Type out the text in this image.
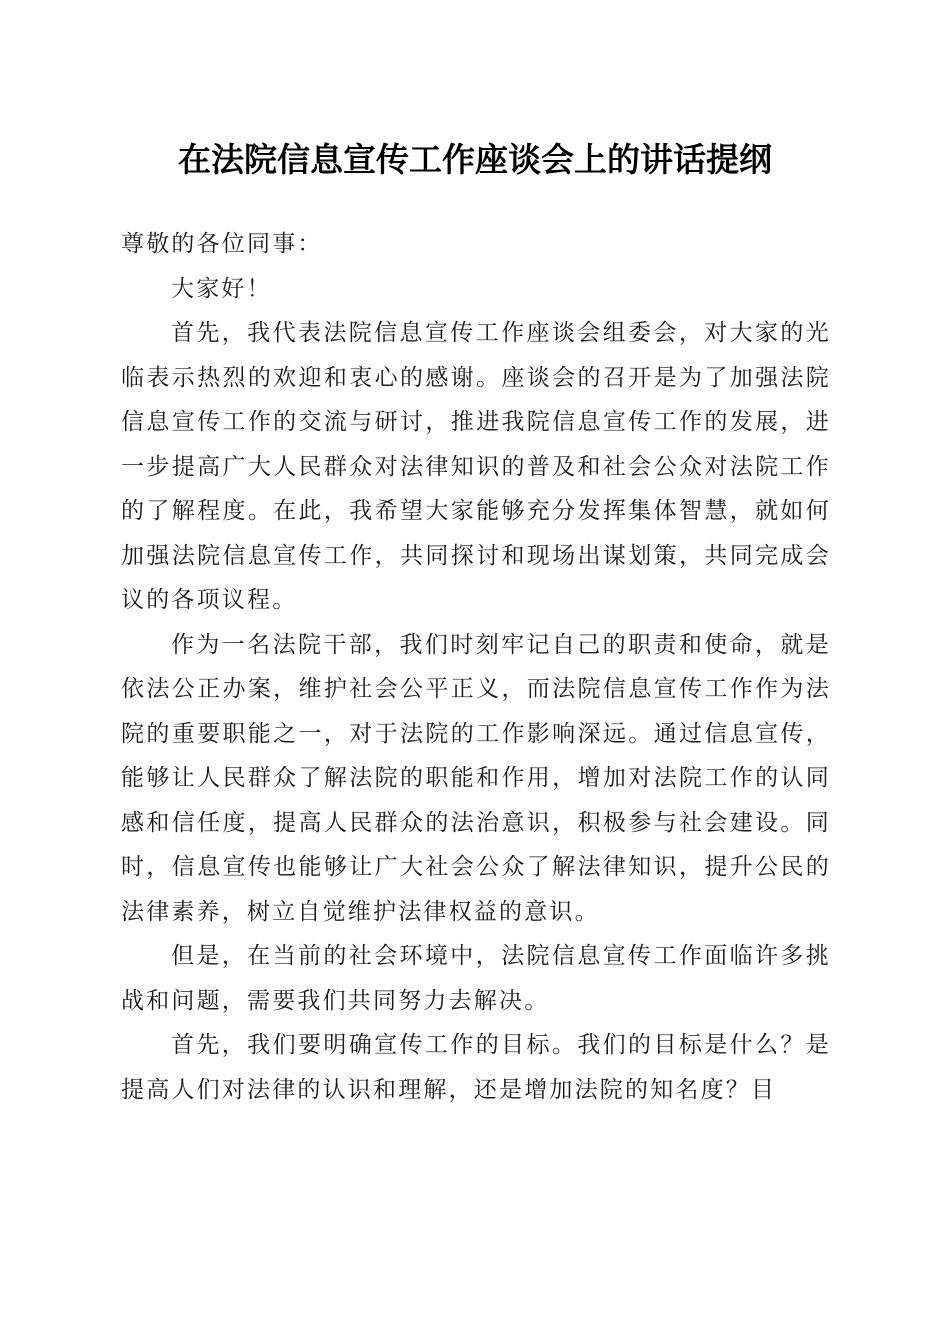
在法院信息宣传工作座谈会上的讲话提纲

尊敬的各位同事：

大家好！

首先，我代表法院信息宣传工作座谈会组委会，对大家的光临表示热烈的欢迎和衷心的感谢。座谈会的召开是为了加强法院信息宣传工作的交流与研讨，推进我院信息宣传工作的发展，进一步提高广大人民群众对法律知识的普及和社会公众对法院工作的了解程度。在此，我希望大家能够充分发挥集体智慧，就如何加强法院信息宣传工作，共同探讨和现场出谋划策，共同完成会议的各项议程。

作为一名法院干部，我们时刻牢记自己的职责和使命，就是依法公正办案，维护社会公平正义，而法院信息宣传工作作为法院的重要职能之一，对于法院的工作影响深远。通过信息宣传，能够让人民群众了解法院的职能和作用，增加对法院工作的认同感和信任度，提高人民群众的法治意识，积极参与社会建设。同时，信息宣传也能够让广大社会公众了解法律知识，提升公民的法律素养，树立自觉维护法律权益的意识。

但是，在当前的社会环境中，法院信息宣传工作面临许多挑战和问题，需要我们共同努力去解决。

首先，我们要明确宣传工作的目标。我们的目标是什么？是提高人们对法律的认识和理解，还是增加法院的知名度？目
